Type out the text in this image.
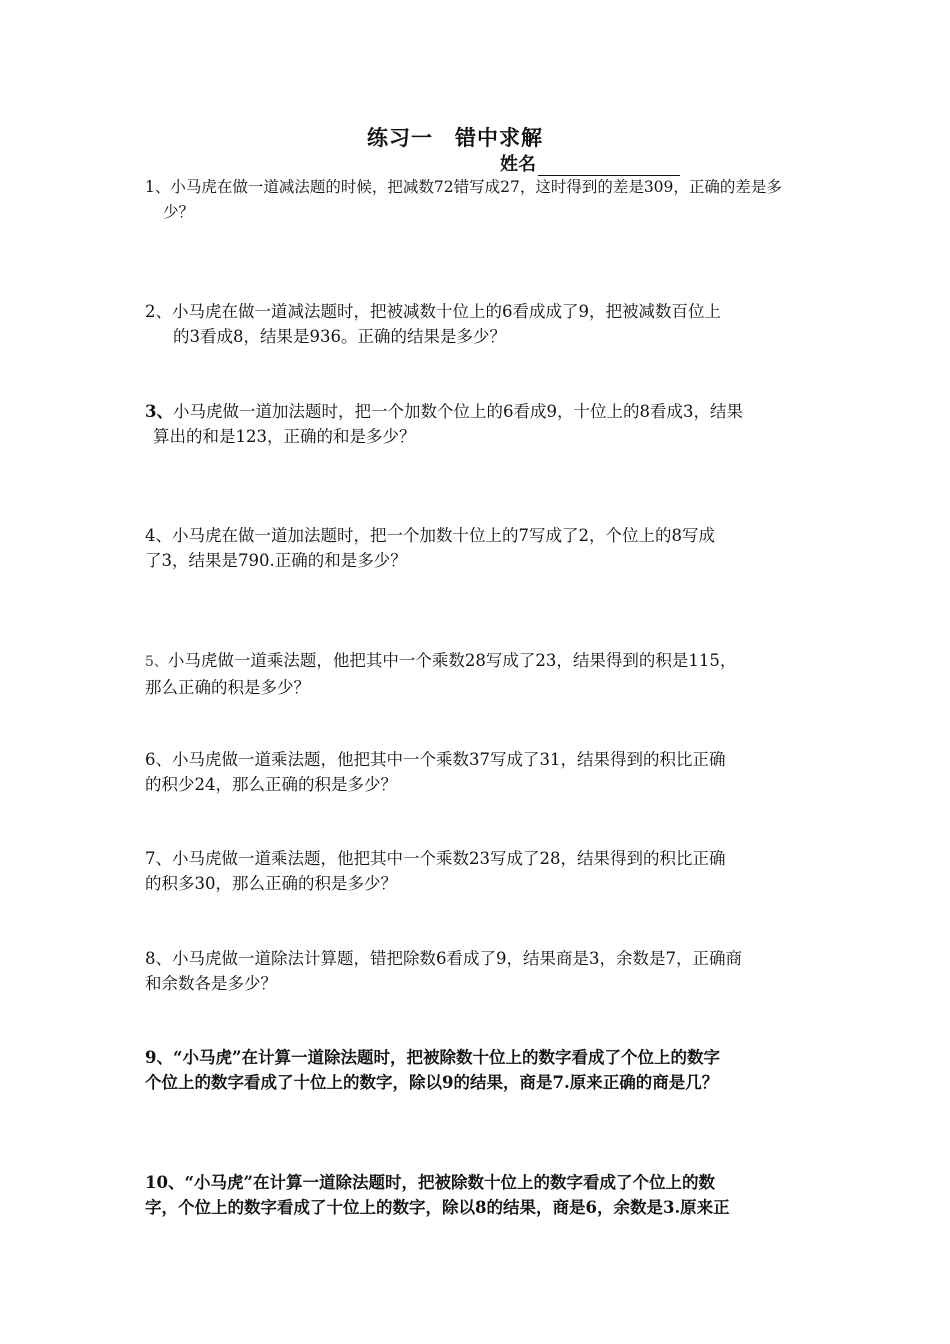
练习一　错中求解
姓名
1、小马虎在做一道减法题的时候，把减数72错写成27，这时得到的差是309，正确的差是多
少？
2、小马虎在做一道减法题时，把被减数十位上的6看成成了9，把被减数百位上
的3看成8，结果是936。正确的结果是多少？
3、小马虎做一道加法题时，把一个加数个位上的6看成9，十位上的8看成3，结果
算出的和是123，正确的和是多少？
4、小马虎在做一道加法题时，把一个加数十位上的7写成了2，个位上的8写成
了3，结果是790.正确的和是多少？
5、小马虎做一道乘法题，他把其中一个乘数28写成了23，结果得到的积是115，
那么正确的积是多少？
6、小马虎做一道乘法题，他把其中一个乘数37写成了31，结果得到的积比正确
的积少24，那么正确的积是多少？
7、小马虎做一道乘法题，他把其中一个乘数23写成了28，结果得到的积比正确
的积多30，那么正确的积是多少？
8、小马虎做一道除法计算题，错把除数6看成了9，结果商是3，余数是7，正确商
和余数各是多少？
9、“小马虎”在计算一道除法题时，把被除数十位上的数字看成了个位上的数字
个位上的数字看成了十位上的数字，除以9的结果，商是7.原来正确的商是几？
10、“小马虎”在计算一道除法题时，把被除数十位上的数字看成了个位上的数
字，个位上的数字看成了十位上的数字，除以8的结果，商是6，余数是3.原来正
